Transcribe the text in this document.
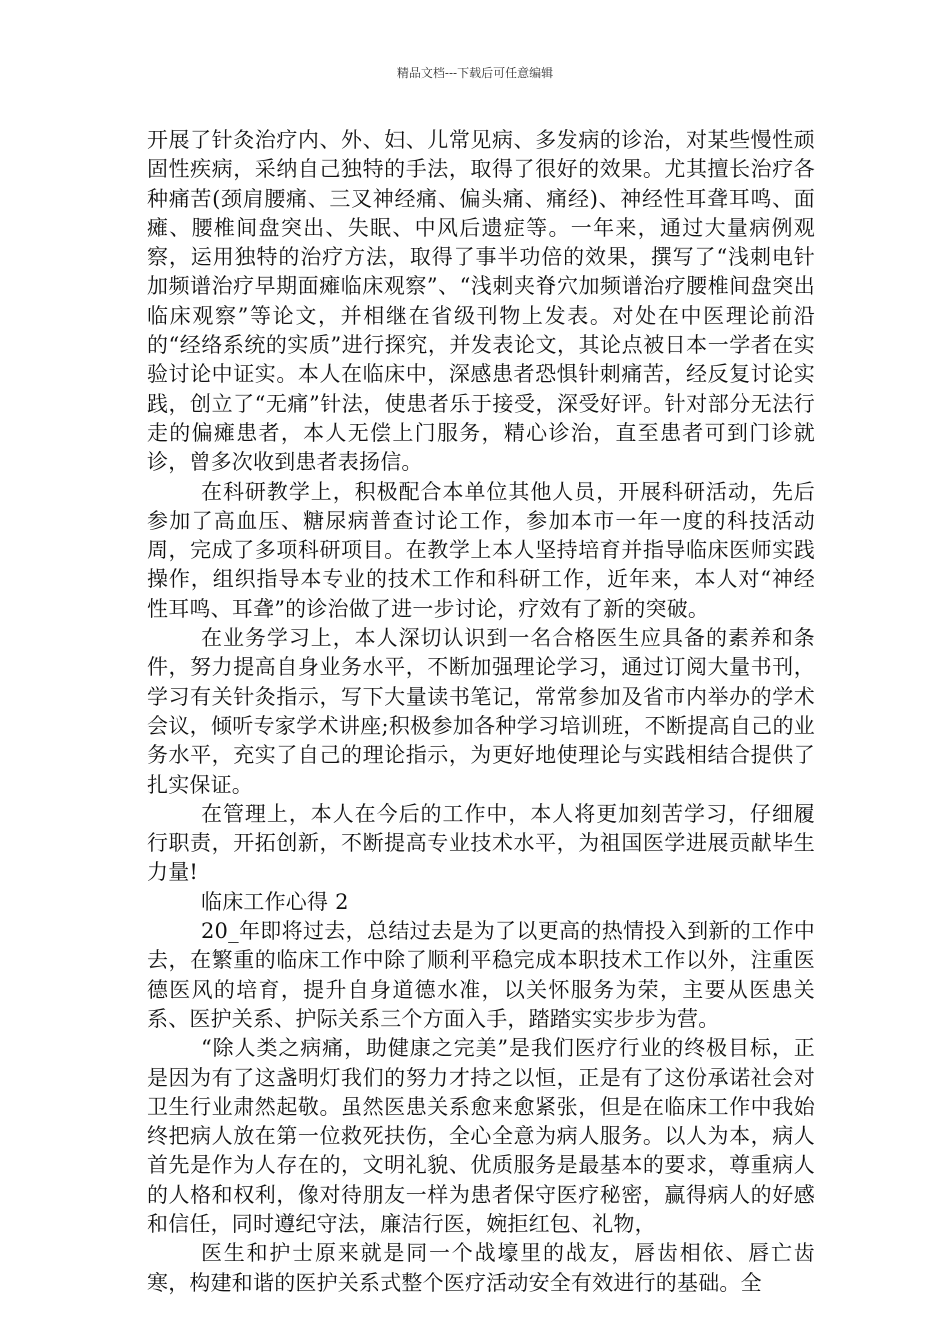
精品文档---下载后可任意编辑

开展了针灸治疗内、外、妇、儿常见病、多发病的诊治，对某些慢性顽固性疾病，采纳自己独特的手法，取得了很好的效果。尤其擅长治疗各种痛苦(颈肩腰痛、三叉神经痛、偏头痛、痛经)、神经性耳聋耳鸣、面瘫、腰椎间盘突出、失眠、中风后遗症等。一年来，通过大量病例观察，运用独特的治疗方法，取得了事半功倍的效果，撰写了“浅刺电针加频谱治疗早期面瘫临床观察”、“浅刺夹脊穴加频谱治疗腰椎间盘突出临床观察”等论文，并相继在省级刊物上发表。对处在中医理论前沿的“经络系统的实质”进行探究，并发表论文，其论点被日本一学者在实验讨论中证实。本人在临床中，深感患者恐惧针刺痛苦，经反复讨论实践，创立了“无痛”针法，使患者乐于接受，深受好评。针对部分无法行走的偏瘫患者，本人无偿上门服务，精心诊治，直至患者可到门诊就诊，曾多次收到患者表扬信。

在科研教学上，积极配合本单位其他人员，开展科研活动，先后参加了高血压、糖尿病普查讨论工作，参加本市一年一度的科技活动周，完成了多项科研项目。在教学上本人坚持培育并指导临床医师实践操作，组织指导本专业的技术工作和科研工作，近年来，本人对“神经性耳鸣、耳聋”的诊治做了进一步讨论，疗效有了新的突破。

在业务学习上，本人深切认识到一名合格医生应具备的素养和条件，努力提高自身业务水平，不断加强理论学习，通过订阅大量书刊，学习有关针灸指示，写下大量读书笔记，常常参加及省市内举办的学术会议，倾听专家学术讲座;积极参加各种学习培训班，不断提高自己的业务水平，充实了自己的理论指示，为更好地使理论与实践相结合提供了扎实保证。

在管理上，本人在今后的工作中，本人将更加刻苦学习，仔细履行职责，开拓创新，不断提高专业技术水平，为祖国医学进展贡献毕生力量!

临床工作心得 2

20_年即将过去，总结过去是为了以更高的热情投入到新的工作中去，在繁重的临床工作中除了顺利平稳完成本职技术工作以外，注重医德医风的培育，提升自身道德水准，以关怀服务为荣，主要从医患关系、医护关系、护际关系三个方面入手，踏踏实实步步为营。

“除人类之病痛，助健康之完美”是我们医疗行业的终极目标，正是因为有了这盏明灯我们的努力才持之以恒，正是有了这份承诺社会对卫生行业肃然起敬。虽然医患关系愈来愈紧张，但是在临床工作中我始终把病人放在第一位救死扶伤，全心全意为病人服务。以人为本，病人首先是作为人存在的，文明礼貌、优质服务是最基本的要求，尊重病人的人格和权利，像对待朋友一样为患者保守医疗秘密，赢得病人的好感和信任，同时遵纪守法，廉洁行医，婉拒红包、礼物，

医生和护士原来就是同一个战壕里的战友，唇齿相依、唇亡齿寒，构建和谐的医护关系式整个医疗活动安全有效进行的基础。全
